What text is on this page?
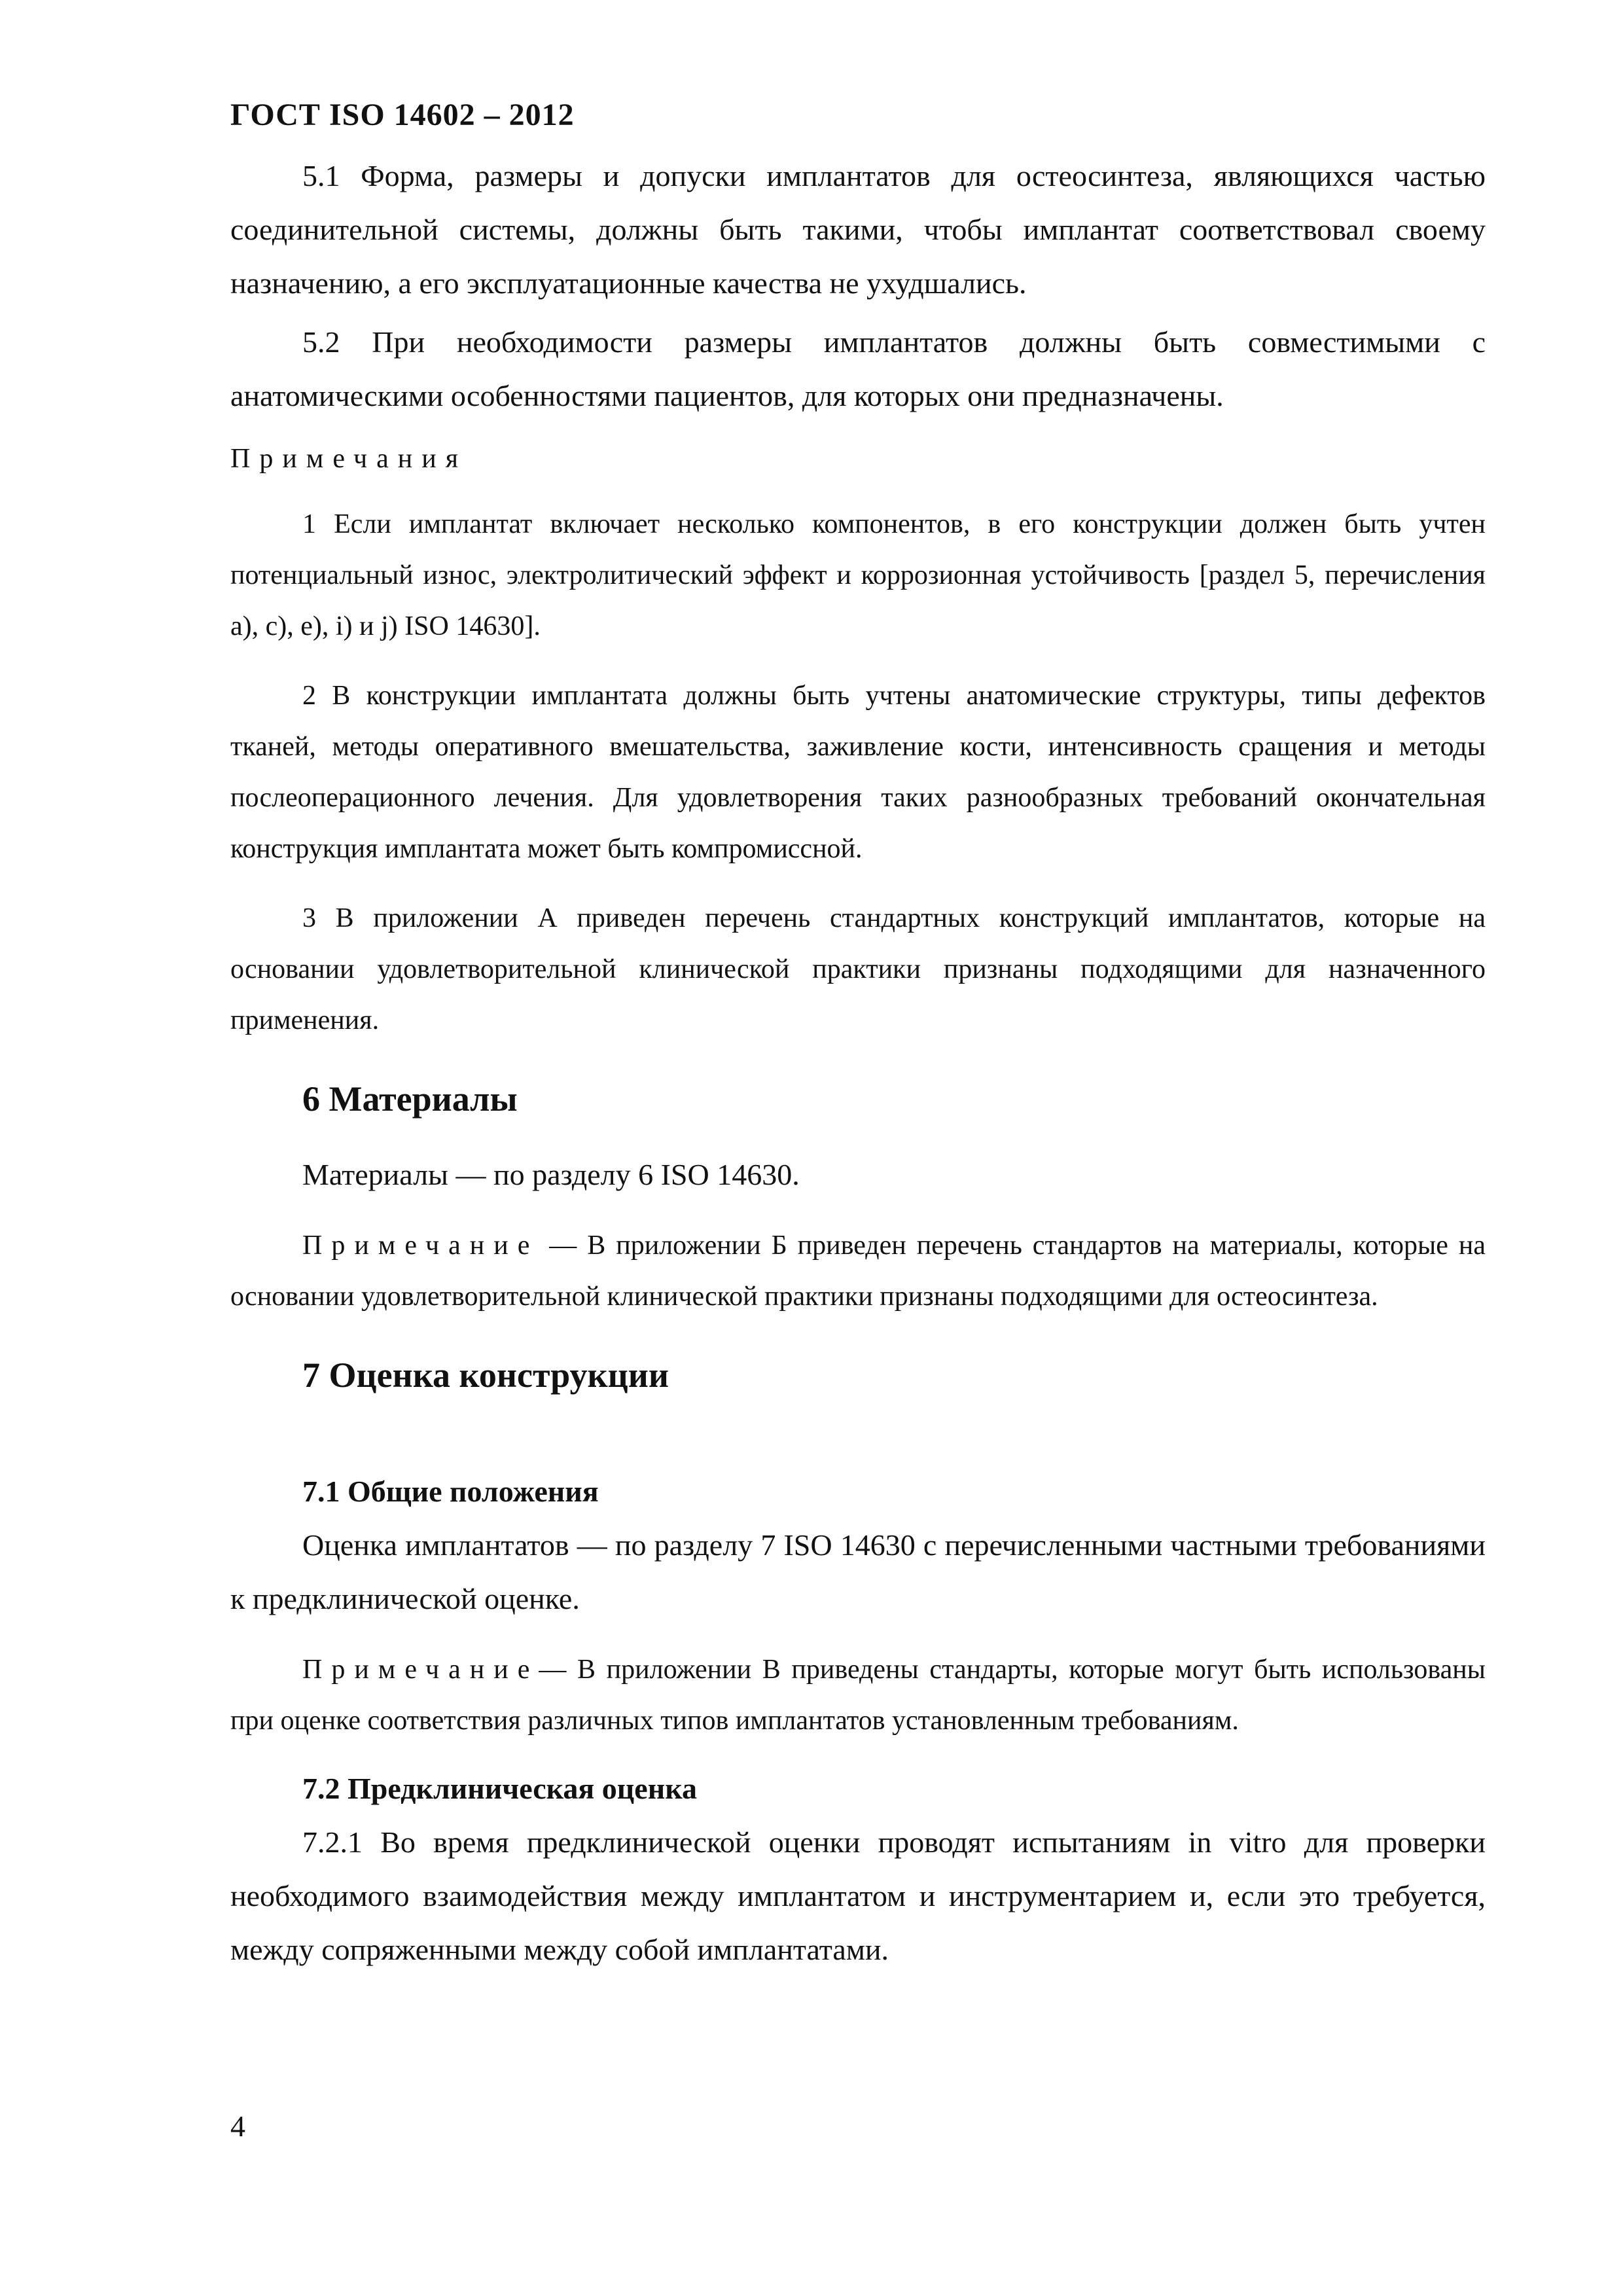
ГОСТ ISO 14602 – 2012

5.1 Форма, размеры и допуски имплантатов для остеосинтеза, являющихся частью соединительной системы, должны быть такими, чтобы имплантат соответствовал своему назначению, а его эксплуатационные качества не ухудшались.

5.2 При необходимости размеры имплантатов должны быть совместимыми с анатомическими особенностями пациентов, для которых они предназначены.

Примечания

1 Если имплантат включает несколько компонентов, в его конструкции должен быть учтен потенциальный износ, электролитический эффект и коррозионная устойчивость [раздел 5, перечисления a), c), e), i) и j) ISO 14630].

2 В конструкции имплантата должны быть учтены анатомические структуры, типы дефектов тканей, методы оперативного вмешательства, заживление кости, интенсивность сращения и методы послеоперационного лечения. Для удовлетворения таких разнообразных требований окончательная конструкция имплантата может быть компромиссной.

3 В приложении А приведен перечень стандартных конструкций имплантатов, которые на основании удовлетворительной клинической практики признаны подходящими для назначенного применения.

6 Материалы

Материалы — по разделу 6 ISO 14630.

Примечание — В приложении Б приведен перечень стандартов на материалы, которые на основании удовлетворительной клинической практики признаны подходящими для остеосинтеза.

7 Оценка конструкции
7.1 Общие положения

Оценка имплантатов — по разделу 7 ISO 14630 с перечисленными частными требованиями к предклинической оценке.

Примечание— В приложении В приведены стандарты, которые могут быть использованы при оценке соответствия различных типов имплантатов установленным требованиям.

7.2 Предклиническая оценка

7.2.1 Во время предклинической оценки проводят испытаниям in vitro для проверки необходимого взаимодействия между имплантатом и инструментарием и, если это требуется, между сопряженными между собой имплантатами.

4
